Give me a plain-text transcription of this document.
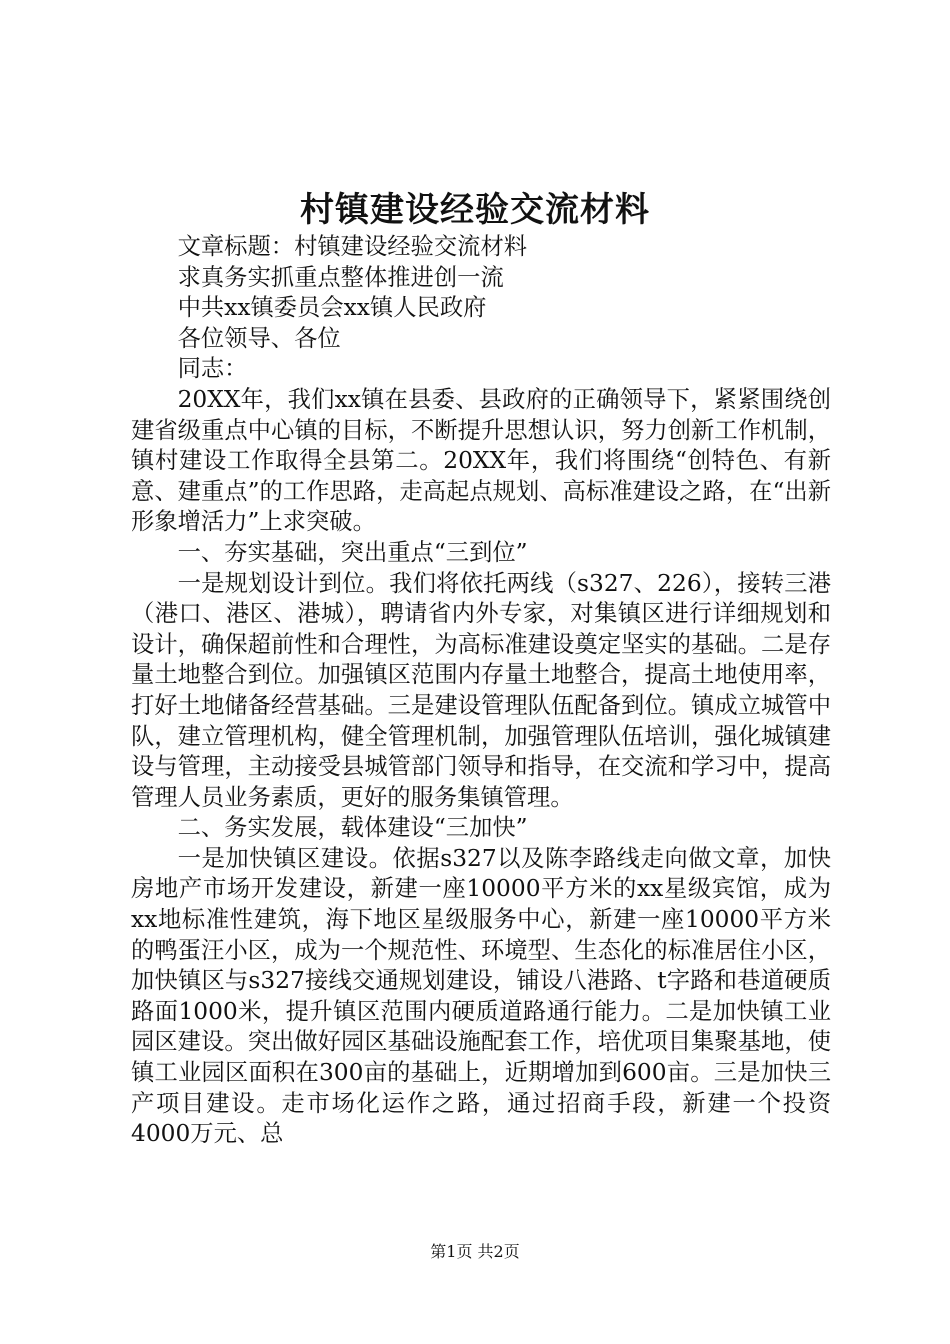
村镇建设经验交流材料

文章标题：村镇建设经验交流材料

求真务实抓重点整体推进创一流

中共xx镇委员会xx镇人民政府

各位领导、各位

同志：

20XX年，我们xx镇在县委、县政府的正确领导下，紧紧围绕创建省级重点中心镇的目标，不断提升思想认识，努力创新工作机制，镇村建设工作取得全县第二。20XX年，我们将围绕“创特色、有新意、建重点”的工作思路，走高起点规划、高标准建设之路，在“出新形象增活力”上求突破。

一、夯实基础，突出重点“三到位”

一是规划设计到位。我们将依托两线（s327、226），接转三港（港口、港区、港城），聘请省内外专家，对集镇区进行详细规划和设计，确保超前性和合理性，为高标准建设奠定坚实的基础。二是存量土地整合到位。加强镇区范围内存量土地整合，提高土地使用率，打好土地储备经营基础。三是建设管理队伍配备到位。镇成立城管中队，建立管理机构，健全管理机制，加强管理队伍培训，强化城镇建设与管理，主动接受县城管部门领导和指导，在交流和学习中，提高管理人员业务素质，更好的服务集镇管理。

二、务实发展，载体建设“三加快”

一是加快镇区建设。依据s327以及陈李路线走向做文章，加快房地产市场开发建设，新建一座10000平方米的xx星级宾馆，成为xx地标准性建筑，海下地区星级服务中心，新建一座10000平方米的鸭蛋汪小区，成为一个规范性、环境型、生态化的标准居住小区，加快镇区与s327接线交通规划建设，铺设八港路、t字路和巷道硬质路面1000米，提升镇区范围内硬质道路通行能力。二是加快镇工业园区建设。突出做好园区基础设施配套工作，培优项目集聚基地，使镇工业园区面积在300亩的基础上，近期增加到600亩。三是加快三产项目建设。走市场化运作之路，通过招商手段，新建一个投资4000万元、总

第1页 共2页
